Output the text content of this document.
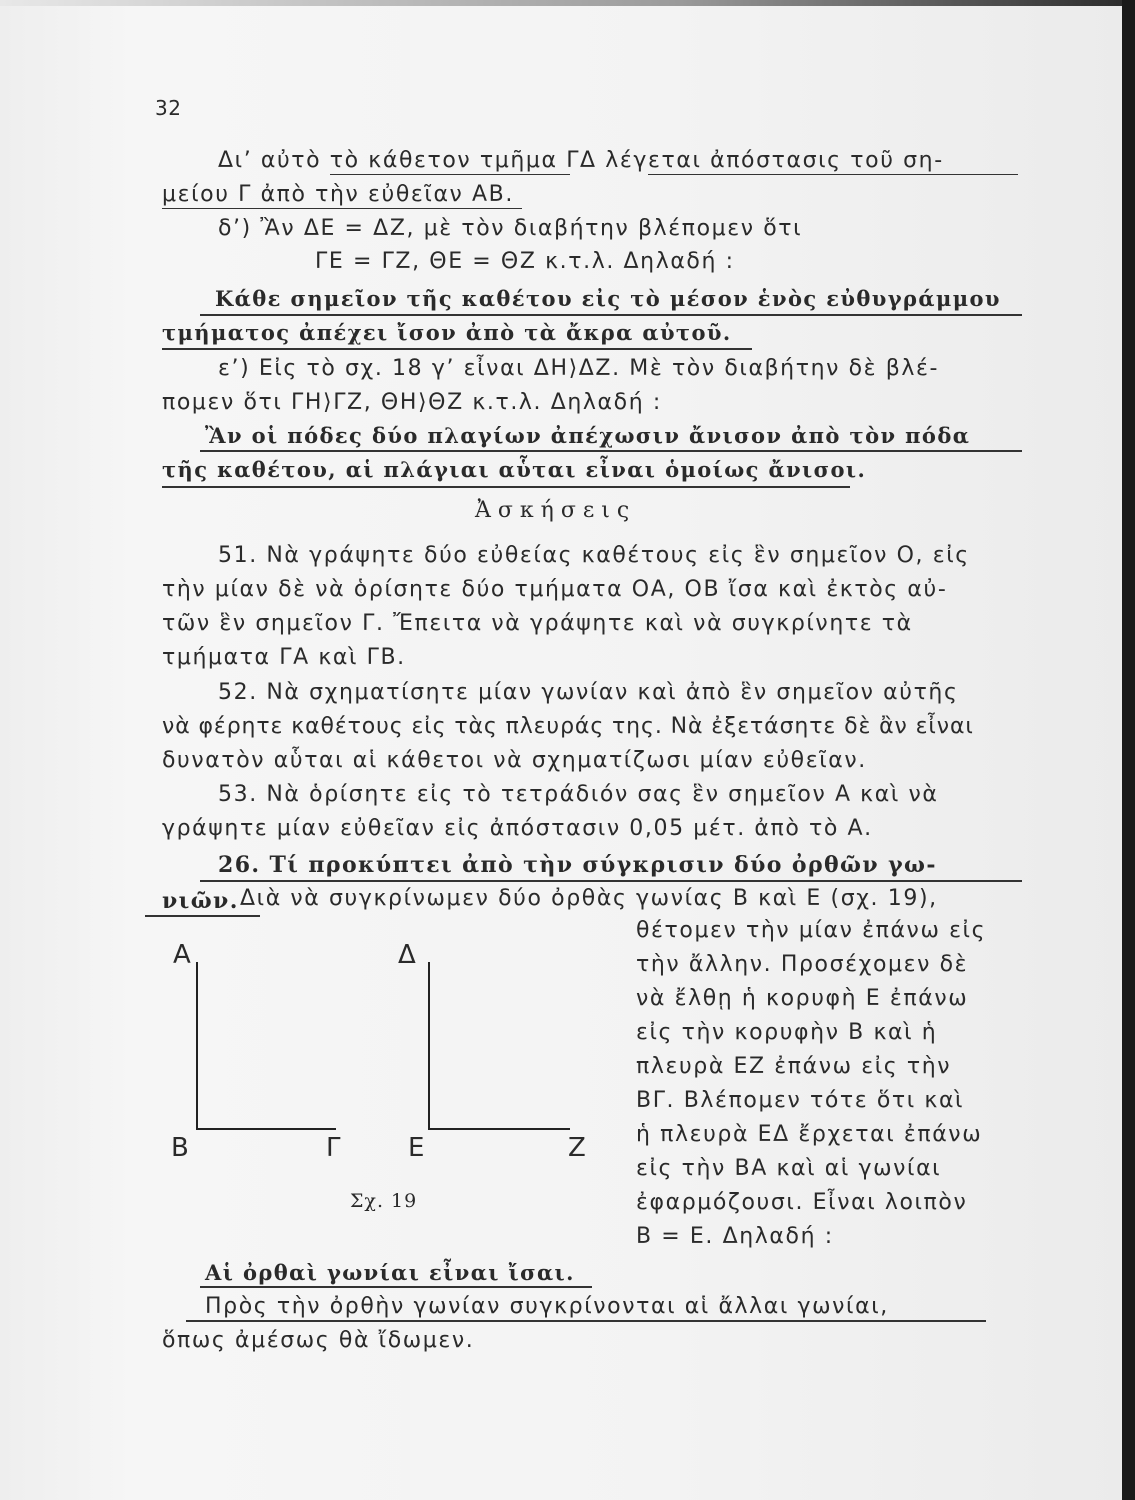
32
Δι’ αὐτὸ τὸ κάθετον τμῆμα ΓΔ λέγεται ἀπόστασις τοῦ ση-
μείου Γ ἀπὸ τὴν εὐθεῖαν ΑΒ.
δ’) Ἂν ΔΕ = ΔΖ, μὲ τὸν διαβήτην βλέπομεν ὅτι
ΓΕ = ΓΖ, ΘΕ = ΘΖ κ.τ.λ. Δηλαδή :
Κάθε σημεῖον τῆς καθέτου εἰς τὸ μέσον ἑνὸς εὐθυγράμμου
τμήματος ἀπέχει ἴσον ἀπὸ τὰ ἄκρα αὐτοῦ.
ε’) Εἰς τὸ σχ. 18 γ’ εἶναι ΔΗ⟩ΔΖ. Μὲ τὸν διαβήτην δὲ βλέ-
πομεν ὅτι ΓΗ⟩ΓΖ, ΘΗ⟩ΘΖ κ.τ.λ. Δηλαδή :
Ἂν οἱ πόδες δύο πλαγίων ἀπέχωσιν ἄνισον ἀπὸ τὸν πόδα
τῆς καθέτου, αἱ πλάγιαι αὗται εἶναι ὁμοίως ἄνισοι.
Ἀσκήσεις
51. Νὰ γράψητε δύο εὐθείας καθέτους εἰς ἓν σημεῖον Ο, εἰς
τὴν μίαν δὲ νὰ ὁρίσητε δύο τμήματα ΟΑ, ΟΒ ἴσα καὶ ἐκτὸς αὐ-
τῶν ἓν σημεῖον Γ. Ἔπειτα νὰ γράψητε καὶ νὰ συγκρίνητε τὰ
τμήματα ΓΑ καὶ ΓΒ.
52. Νὰ σχηματίσητε μίαν γωνίαν καὶ ἀπὸ ἓν σημεῖον αὐτῆς
νὰ φέρητε καθέτους εἰς τὰς πλευράς της. Νὰ ἐξετάσητε δὲ ἂν εἶναι
δυνατὸν αὗται αἱ κάθετοι νὰ σχηματίζωσι μίαν εὐθεῖαν.
53. Νὰ ὁρίσητε εἰς τὸ τετράδιόν σας ἓν σημεῖον Α καὶ νὰ
γράψητε μίαν εὐθεῖαν εἰς ἀπόστασιν 0,05 μέτ. ἀπὸ τὸ Α.
26. Τί προκύπτει ἀπὸ τὴν σύγκρισιν δύο ὀρθῶν γω-
νιῶν. Διὰ νὰ συγκρίνωμεν δύο ὀρθὰς γωνίας Β καὶ Ε (σχ. 19),
θέτομεν τὴν μίαν ἐπάνω εἰς
τὴν ἄλλην. Προσέχομεν δὲ
νὰ ἔλθῃ ἡ κορυφὴ Ε ἐπάνω
εἰς τὴν κορυφὴν Β καὶ ἡ
πλευρὰ ΕΖ ἐπάνω εἰς τὴν
ΒΓ. Βλέπομεν τότε ὅτι καὶ
ἡ πλευρὰ ΕΔ ἔρχεται ἐπάνω
εἰς τὴν ΒΑ καὶ αἱ γωνίαι
ἐφαρμόζουσι. Εἶναι λοιπὸν
Β = Ε. Δηλαδή :
Α
Β	Γ
Δ
Ε	Ζ
Σχ. 19
Αἱ ὀρθαὶ γωνίαι εἶναι ἴσαι.
Πρὸς τὴν ὀρθὴν γωνίαν συγκρίνονται αἱ ἄλλαι γωνίαι,
ὅπως ἀμέσως θὰ ἴδωμεν.
